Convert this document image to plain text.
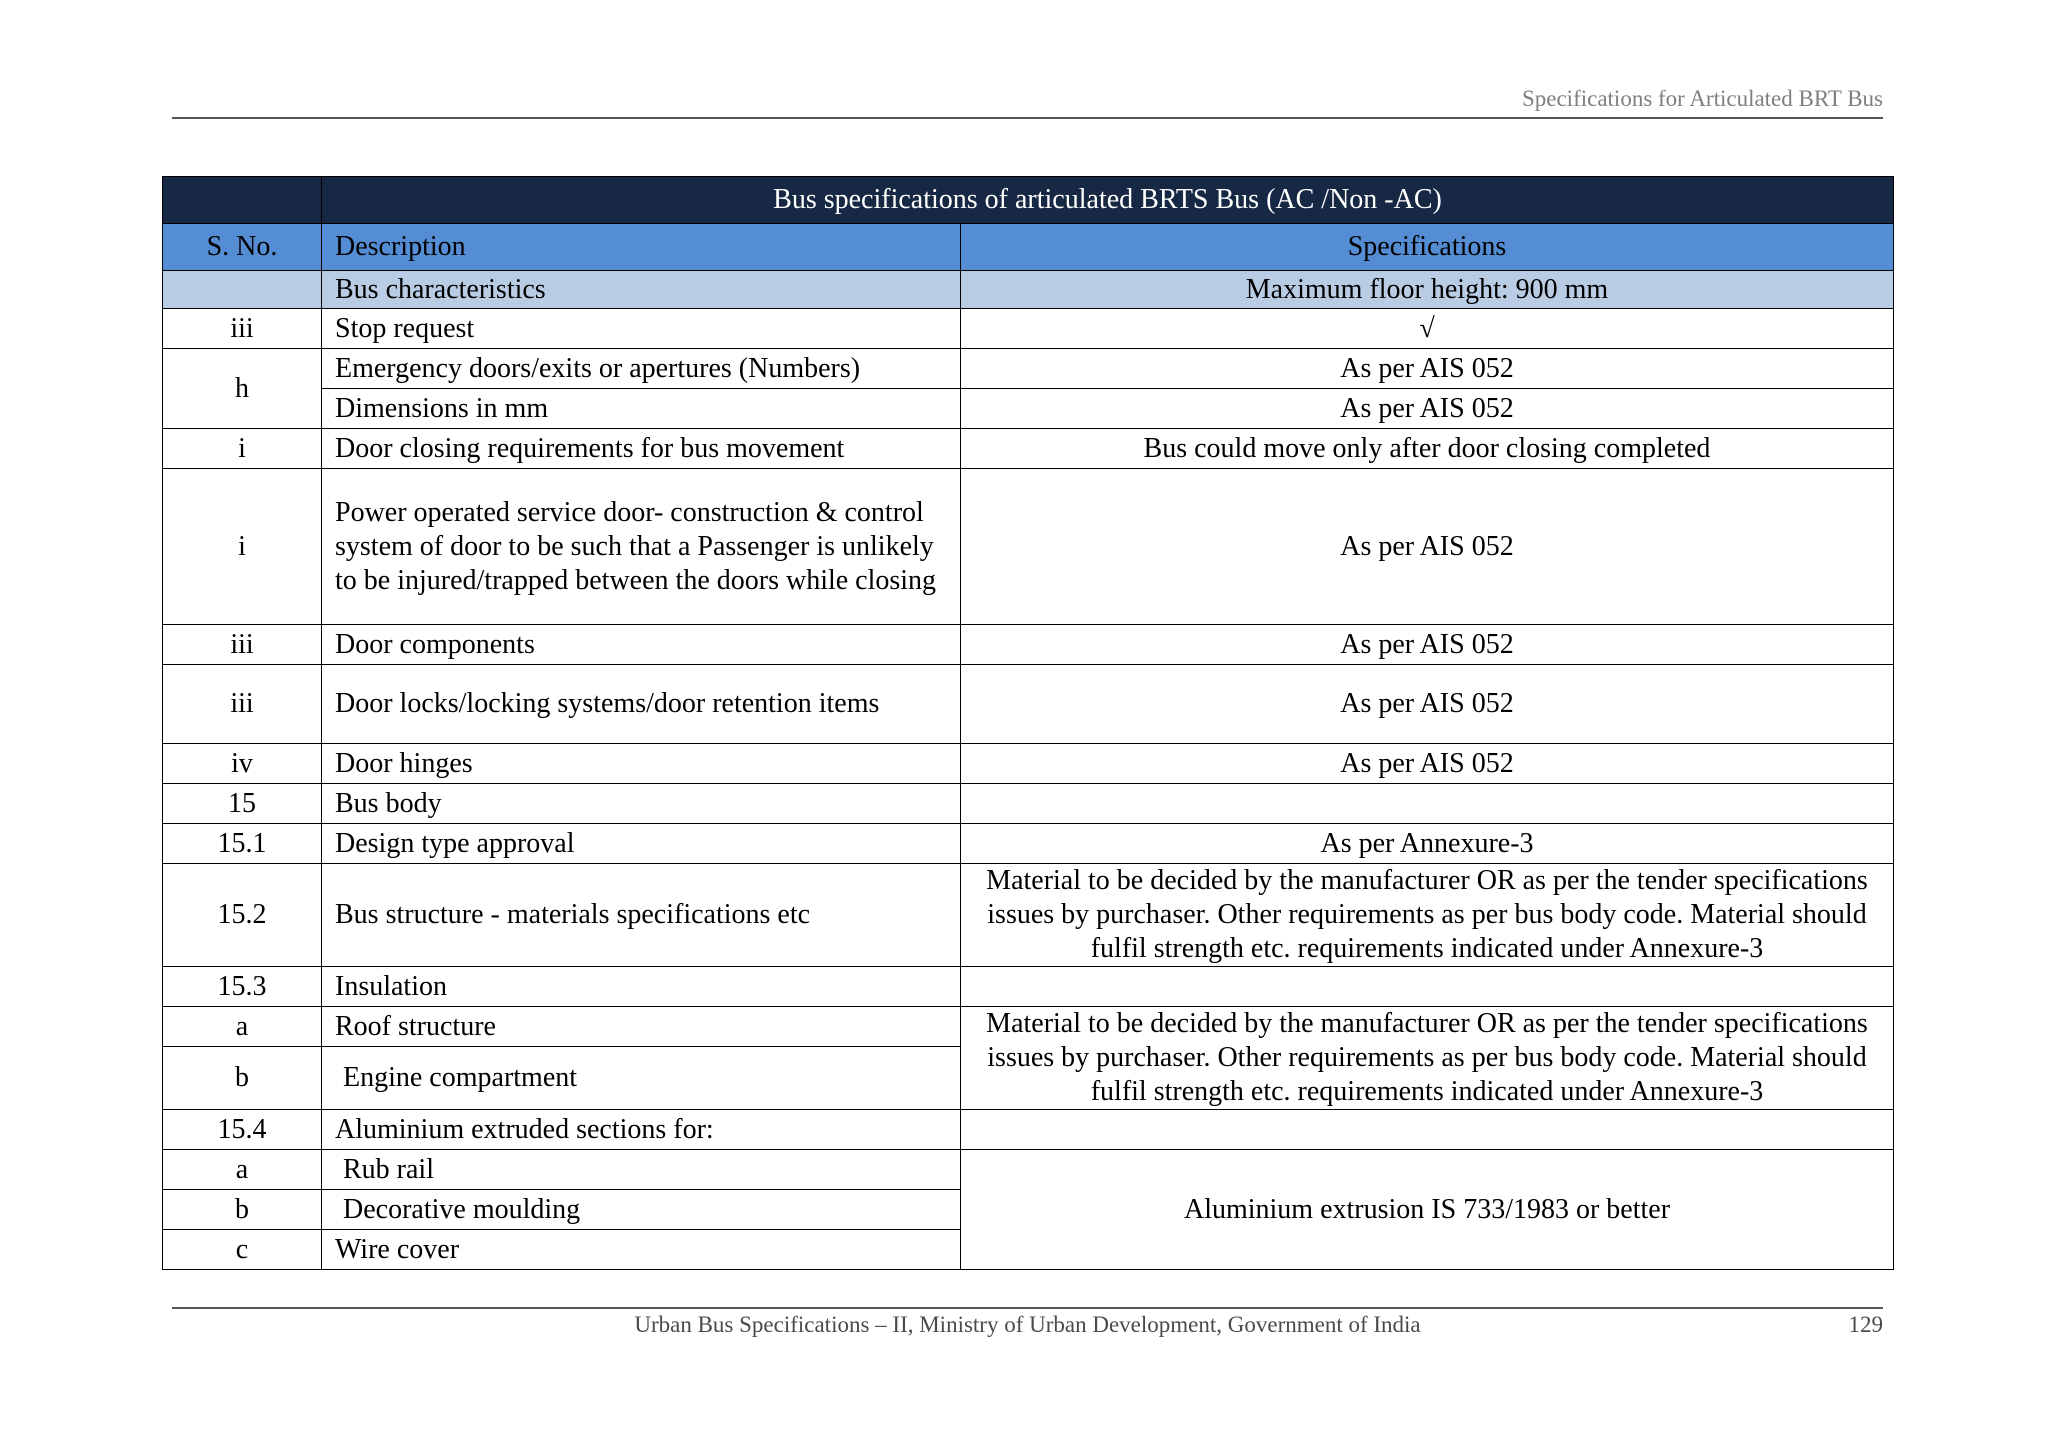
Specifications for Articulated BRT Bus
	Bus specifications of articulated BRTS Bus (AC /Non -AC)	
S. No.	Description	Specifications
	Bus characteristics	Maximum floor height: 900 mm
iii	Stop request	√
h	Emergency doors/exits or apertures (Numbers)	As per AIS 052
	Dimensions in mm	As per AIS 052
i	Door closing requirements for bus movement	Bus could move only after door closing completed
i	Power operated service door- construction & control system of door to be such that a Passenger is unlikely to be injured/trapped between the doors while closing	As per AIS 052
iii	Door components	As per AIS 052
iii	Door locks/locking systems/door retention items	As per AIS 052
iv	Door hinges	As per AIS 052
15	Bus body	
15.1	Design type approval	As per Annexure-3
15.2	Bus structure - materials specifications etc	Material to be decided by the manufacturer OR as per the tender specifications issues by purchaser. Other requirements as per bus body code. Material should fulfil strength etc. requirements indicated under Annexure-3
15.3	Insulation	
a	Roof structure	Material to be decided by the manufacturer OR as per the tender specifications issues by purchaser. Other requirements as per bus body code. Material should fulfil strength etc. requirements indicated under Annexure-3
b	Engine compartment	
15.4	Aluminium extruded sections for:	
a	Rub rail	Aluminium extrusion IS 733/1983 or better
b	Decorative moulding	
c	Wire cover	
Urban Bus Specifications – II, Ministry of Urban Development, Government of India	129
